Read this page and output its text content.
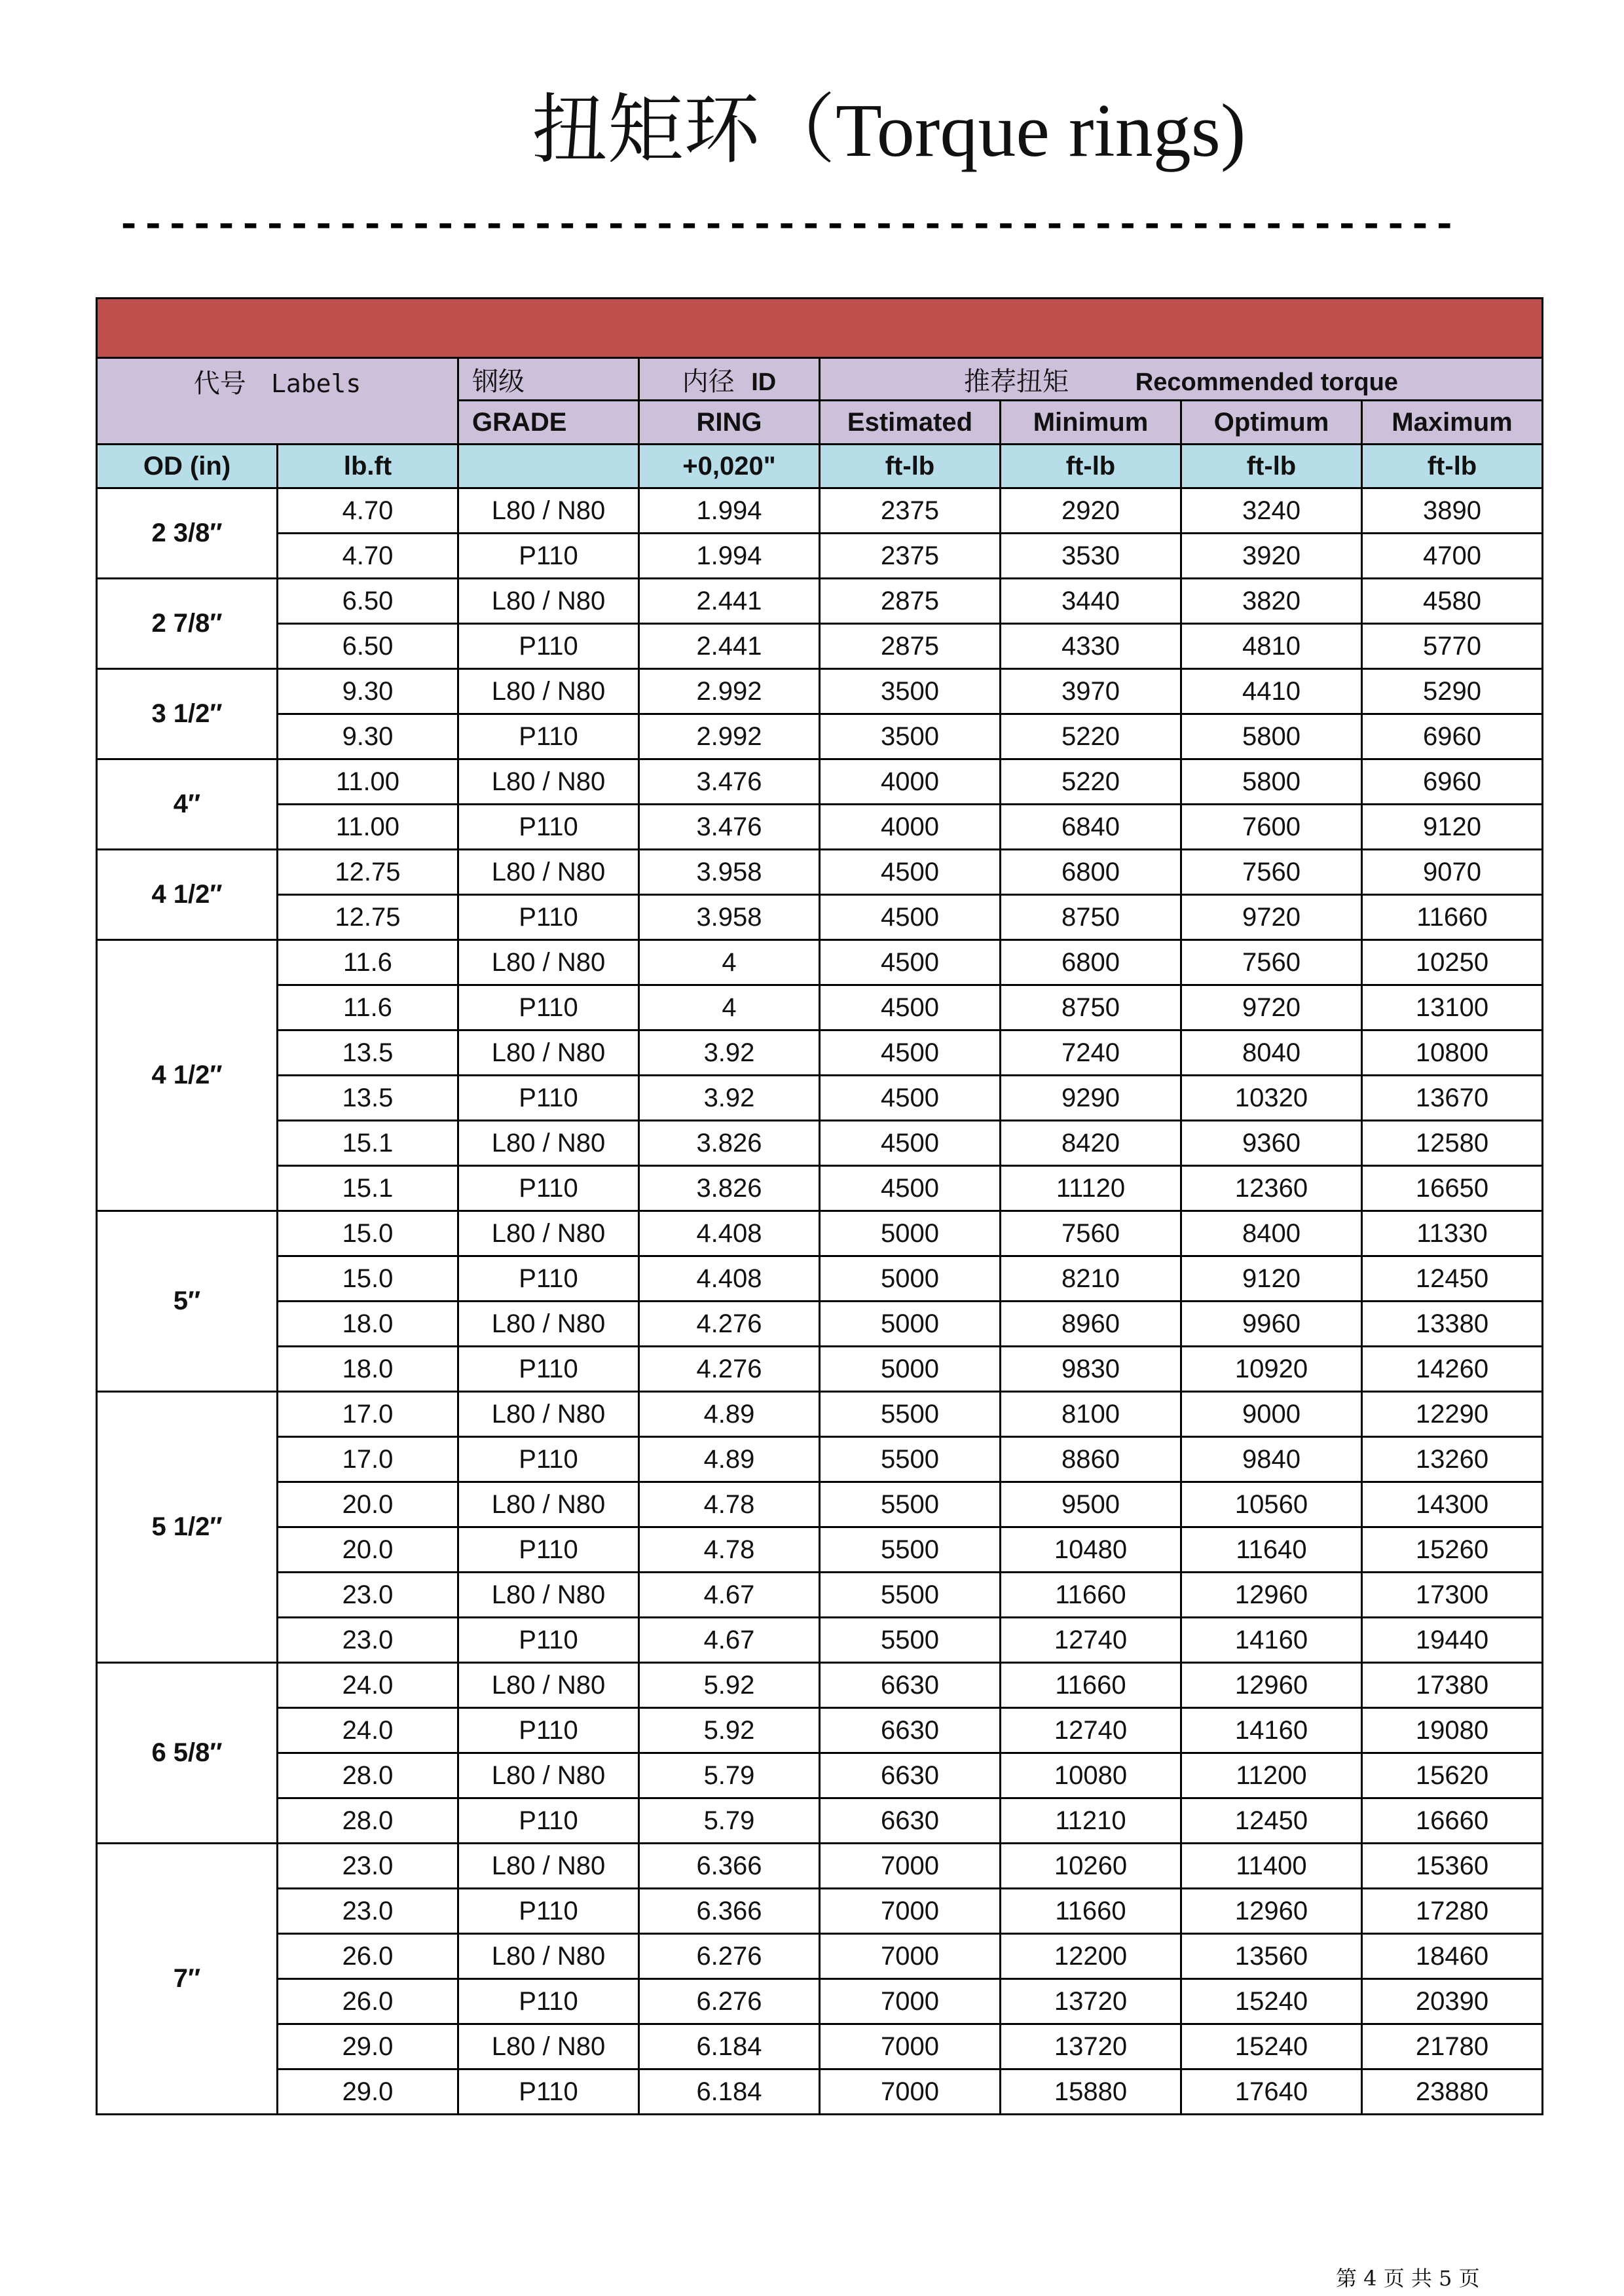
扭矩环（Torque rings)
-------------------------------------------------------

代号 Labels		钢级	内径 ID	推荐扭矩 Recommended torque			
		GRADE	RING	Estimated	Minimum	Optimum	Maximum
OD (in)	lb.ft		+0,020"	ft-lb	ft-lb	ft-lb	ft-lb
2 3/8″	4.70	L80 / N80	1.994	2375	2920	3240	3890
	4.70	P110	1.994	2375	3530	3920	4700
2 7/8″	6.50	L80 / N80	2.441	2875	3440	3820	4580
	6.50	P110	2.441	2875	4330	4810	5770
3 1/2″	9.30	L80 / N80	2.992	3500	3970	4410	5290
	9.30	P110	2.992	3500	5220	5800	6960
4″	11.00	L80 / N80	3.476	4000	5220	5800	6960
	11.00	P110	3.476	4000	6840	7600	9120
4 1/2″	12.75	L80 / N80	3.958	4500	6800	7560	9070
	12.75	P110	3.958	4500	8750	9720	11660
4 1/2″	11.6	L80 / N80	4	4500	6800	7560	10250
	11.6	P110	4	4500	8750	9720	13100
	13.5	L80 / N80	3.92	4500	7240	8040	10800
	13.5	P110	3.92	4500	9290	10320	13670
	15.1	L80 / N80	3.826	4500	8420	9360	12580
	15.1	P110	3.826	4500	11120	12360	16650
5″	15.0	L80 / N80	4.408	5000	7560	8400	11330
	15.0	P110	4.408	5000	8210	9120	12450
	18.0	L80 / N80	4.276	5000	8960	9960	13380
	18.0	P110	4.276	5000	9830	10920	14260
5 1/2″	17.0	L80 / N80	4.89	5500	8100	9000	12290
	17.0	P110	4.89	5500	8860	9840	13260
	20.0	L80 / N80	4.78	5500	9500	10560	14300
	20.0	P110	4.78	5500	10480	11640	15260
	23.0	L80 / N80	4.67	5500	11660	12960	17300
	23.0	P110	4.67	5500	12740	14160	19440
6 5/8″	24.0	L80 / N80	5.92	6630	11660	12960	17380
	24.0	P110	5.92	6630	12740	14160	19080
	28.0	L80 / N80	5.79	6630	10080	11200	15620
	28.0	P110	5.79	6630	11210	12450	16660
7″	23.0	L80 / N80	6.366	7000	10260	11400	15360
	23.0	P110	6.366	7000	11660	12960	17280
	26.0	L80 / N80	6.276	7000	12200	13560	18460
	26.0	P110	6.276	7000	13720	15240	20390
	29.0	L80 / N80	6.184	7000	13720	15240	21780
	29.0	P110	6.184	7000	15880	17640	23880
第 4 页 共 5 页
